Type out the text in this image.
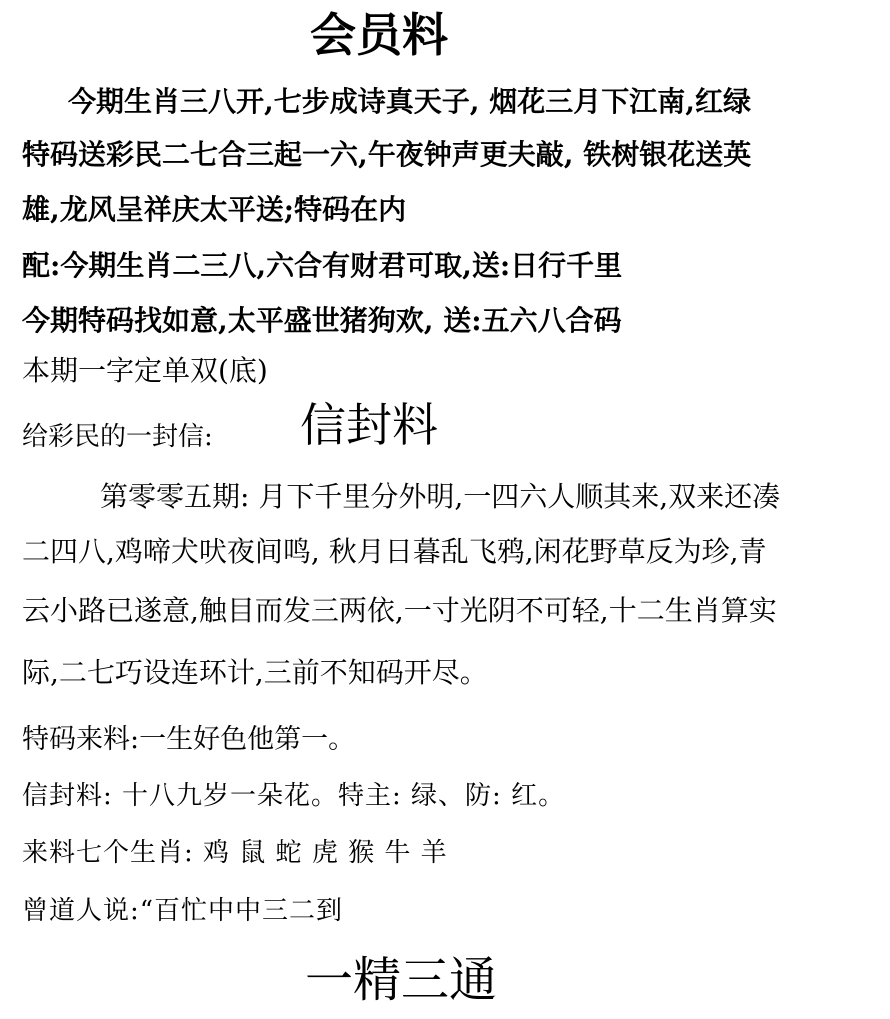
会员料
今期生肖三八开,七步成诗真天子, 烟花三月下江南,红绿
特码送彩民二七合三起一六,午夜钟声更夫敲, 铁树银花送英
雄,龙风呈祥庆太平送;特码在内
配:今期生肖二三八,六合有财君可取,送:日行千里
今期特码找如意,太平盛世猪狗欢, 送:五六八合码
本期一字定单双(底)
给彩民的一封信: 信封料
第零零五期: 月下千里分外明,一四六人顺其来,双来还凑
二四八,鸡啼犬吠夜间鸣, 秋月日暮乱飞鸦,闲花野草反为珍,青
云小路已遂意,触目而发三两依,一寸光阴不可轻,十二生肖算实
际,二七巧设连环计,三前不知码开尽。
特码来料:一生好色他第一。
信封料: 十八九岁一朵花。特主: 绿、防: 红。
来料七个生肖: 鸡 鼠 蛇 虎 猴 牛 羊
曾道人说:“百忙中中三二到
一精三通
